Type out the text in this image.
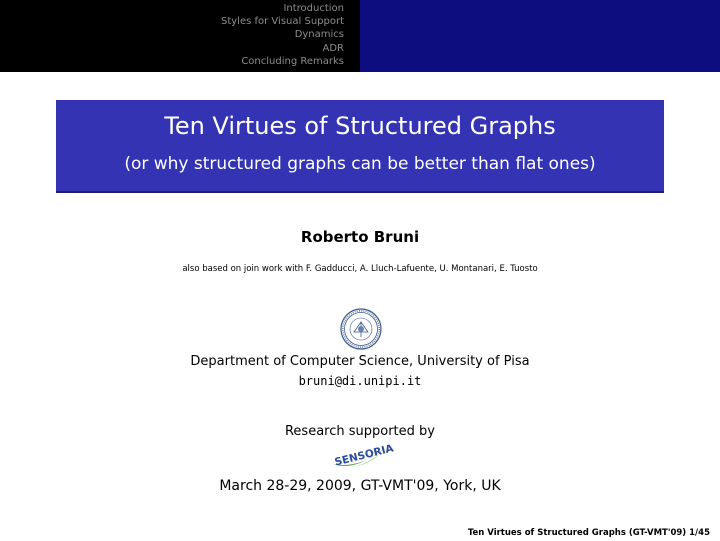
Introduction
Styles for Visual Support
Dynamics
ADR
Concluding Remarks
Ten Virtues of Structured Graphs
(or why structured graphs can be better than flat ones)
Roberto Bruni
also based on join work with F. Gadducci, A. Lluch-Lafuente, U. Montanari, E. Tuosto
Department of Computer Science, University of Pisa
bruni@di.unipi.it
Research supported by
SENSORIA
March 28-29, 2009, GT-VMT'09, York, UK
Ten Virtues of Structured Graphs (GT-VMT'09) 1/45
